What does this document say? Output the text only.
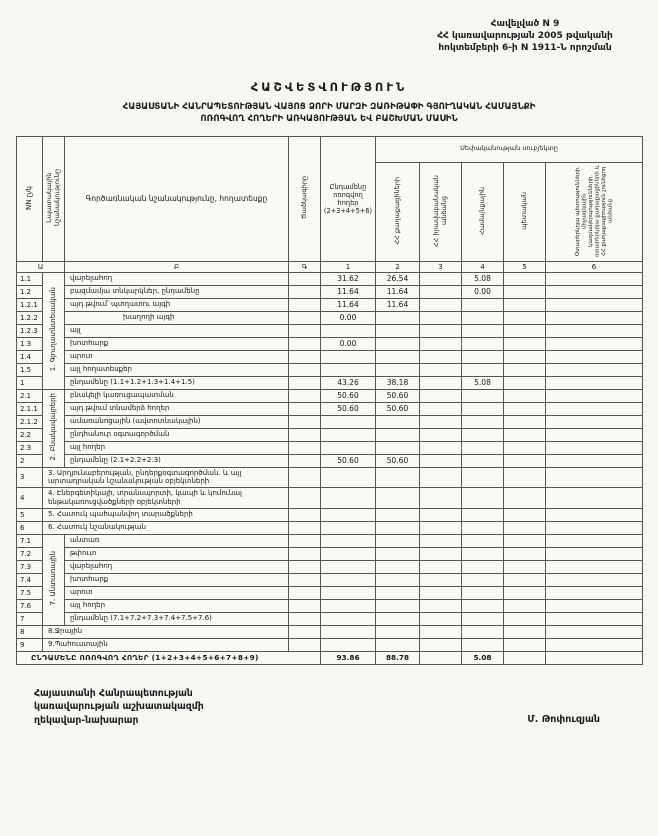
Հավելված N 9
ՀՀ կառավարության 2005 թվականի
հոկտեմբերի 6-ի N 1911-Ն որոշման
ՀԱՇՎԵՏՎՈՒԹՅՈՒՆ
ՀԱՅԱՍՏԱՆԻ ՀԱՆՐԱՊԵՏՈՒԹՅԱՆ ՎԱՅՈՑ ՁՈՐԻ ՄԱՐԶԻ ԶԱՌԻԹԱՓԻ ԳՅՈՒՂԱԿԱՆ ՀԱՄԱՅՆՔԻ
ՈՌՈԳՎՈՂ ՀՈՂԵՐԻ ԱՌԿԱՅՈՒԹՅԱՆ ԵՎ ԲԱՇԽՄԱՆ ՄԱՍԻՆ
NN ը/կ	Նպատակային նշանակությունը	Գործառնական նշանակությունը, հողատեսքը	Ծածկագիրը	Ընդամենը ոռոգվող հողեր (2+3+4+5+6)	Սեփականության սուբյեկտը				
					ՀՀ քաղաքացիների	ՀՀ իրավաբանական անձանց	Համայնքային	պետական	Օտարերկրյա պետությունների, միջազգային կազմակերպությունների, օտարերկրյա քաղաքացիների և ՀՀ քաղաքացիություն չունեցող անձանց
Ա		Բ	Գ	1	2	3	4	5	6
1.1	1. Գյուղատնտեսական	վարելահող		31.62	26.54		5.08		
1.2		բազմամյա տնկարկներ, ընդամենը		11.64	11.64		0.00		
1.2.1		այդ թվում՝ պտղատու այգի		11.64	11.64				
1.2.2		խաղողի այգի		0.00					
1.2.3		այլ							
1.3		խոտհարք		0.00					
1.4		արոտ							
1.5		այլ հողատեսքեր							
1		ընդամենը (1.1+1.2+1.3+1.4+1.5)		43.26	38.18		5.08		
2.1	2. Բնակավայրերի	բնակելի կառուցապատման		50.60	50.60				
2.1.1		այդ թվում տնամերձ հողեր		50.60	50.60				
2.1.2		ամառանոցային (ավտոտնակային)							
2.2		ընդհանուր օգտագործման							
2.3		այլ հողեր							
2		ընդամենը (2.1+2.2+2.3)		50.60	50.60				
3	3. Արդյունաբերության, ընդերքօգտագործման. և այլ արտադրական նշանակության օբյեկտների								
4	4. Էներգետիկայի, տրանսպորտի, կապի և կոմունալ ենթակառուցվածքների օբյեկտների								
5	5. Հատուկ պահպանվող տարածքների								
6	6. Հատուկ նշանակության								
7.1	7. Անտառային	անտառ							
7.2		թփուտ							
7.3		վարելահող							
7.4		խոտհարք							
7.5		արոտ							
7.6		այլ հողեր							
7		ընդամենը (7.1+7.2+7.3+7.4+7.5+7.6)							
8	8.Ջրային								
9	9.Պահուստային								
ԸՆԴԱՄԵՆԸ ՈՌՈԳՎՈՂ ՀՈՂԵՐ (1+2+3+4+5+6+7+8+9)				93.86	88.78		5.08		
Հայաստանի Հանրապետության
կառավարության աշխատակազմի
ղեկավար-նախարար	Մ. Թոփուզյան
